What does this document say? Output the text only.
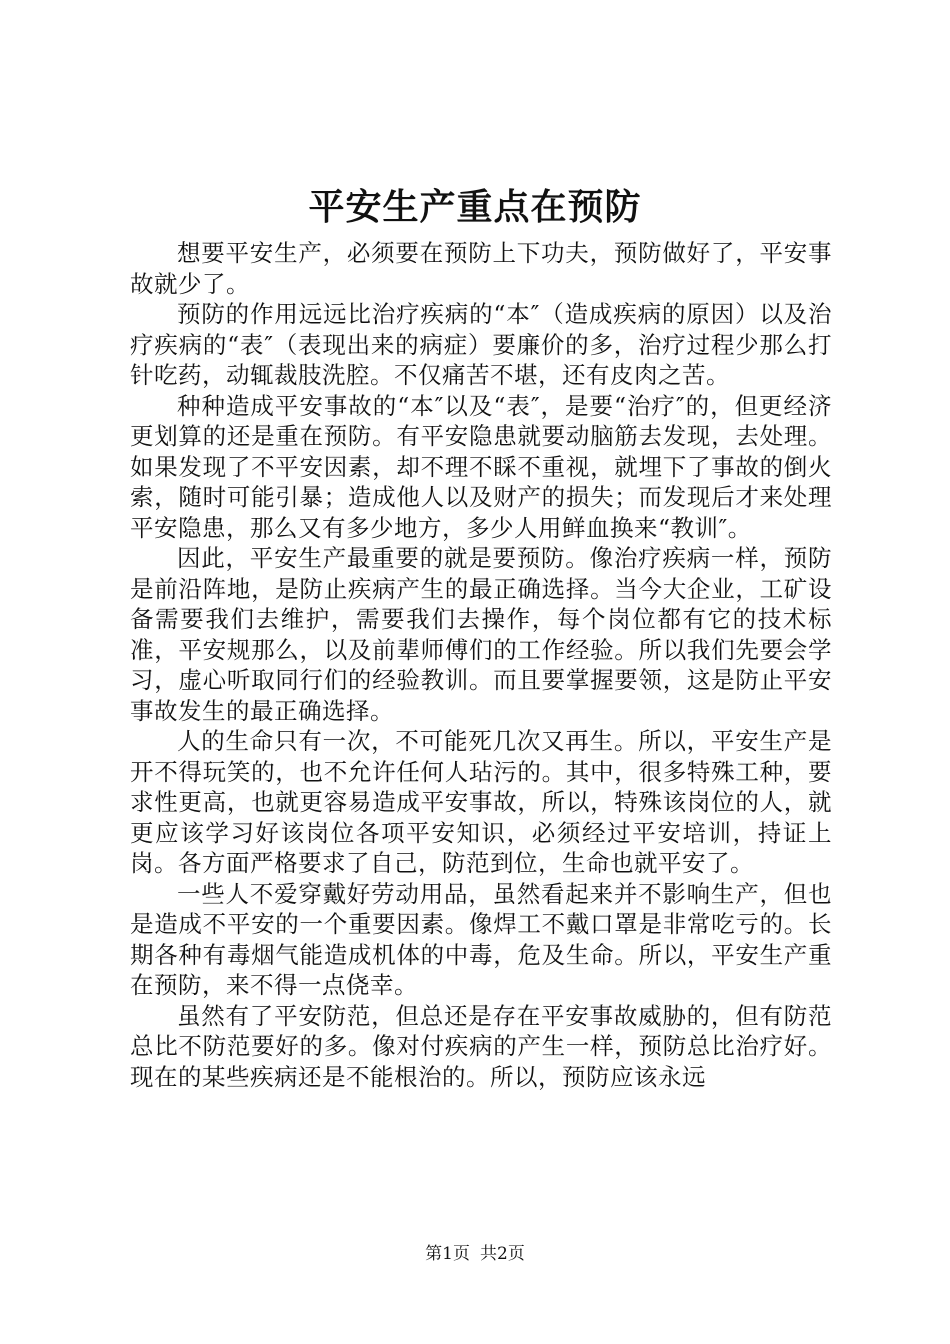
平安生产重点在预防

想要平安生产，必须要在预防上下功夫，预防做好了，平安事故就少了。

预防的作用远远比治疗疾病的“本″（造成疾病的原因）以及治疗疾病的“表″（表现出来的病症）要廉价的多，治疗过程少那么打针吃药，动辄裁肢洗腔。不仅痛苦不堪，还有皮肉之苦。

种种造成平安事故的“本″以及“表″，是要“治疗″的，但更经济更划算的还是重在预防。有平安隐患就要动脑筋去发现，去处理。如果发现了不平安因素，却不理不睬不重视，就埋下了事故的倒火索，随时可能引暴；造成他人以及财产的损失；而发现后才来处理平安隐患，那么又有多少地方，多少人用鲜血换来“教训″。

因此，平安生产最重要的就是要预防。像治疗疾病一样，预防是前沿阵地，是防止疾病产生的最正确选择。当今大企业，工矿设备需要我们去维护，需要我们去操作，每个岗位都有它的技术标准，平安规那么，以及前辈师傅们的工作经验。所以我们先要会学习，虚心听取同行们的经验教训。而且要掌握要领，这是防止平安事故发生的最正确选择。

人的生命只有一次，不可能死几次又再生。所以，平安生产是开不得玩笑的，也不允许任何人玷污的。其中，很多特殊工种，要求性更高，也就更容易造成平安事故，所以，特殊该岗位的人，就更应该学习好该岗位各项平安知识，必须经过平安培训，持证上岗。各方面严格要求了自己，防范到位，生命也就平安了。

一些人不爱穿戴好劳动用品，虽然看起来并不影响生产，但也是造成不平安的一个重要因素。像焊工不戴口罩是非常吃亏的。长期各种有毒烟气能造成机体的中毒，危及生命。所以，平安生产重在预防，来不得一点侥幸。

虽然有了平安防范，但总还是存在平安事故威胁的，但有防范总比不防范要好的多。像对付疾病的产生一样，预防总比治疗好。现在的某些疾病还是不能根治的。所以，预防应该永远

第1页 共2页
